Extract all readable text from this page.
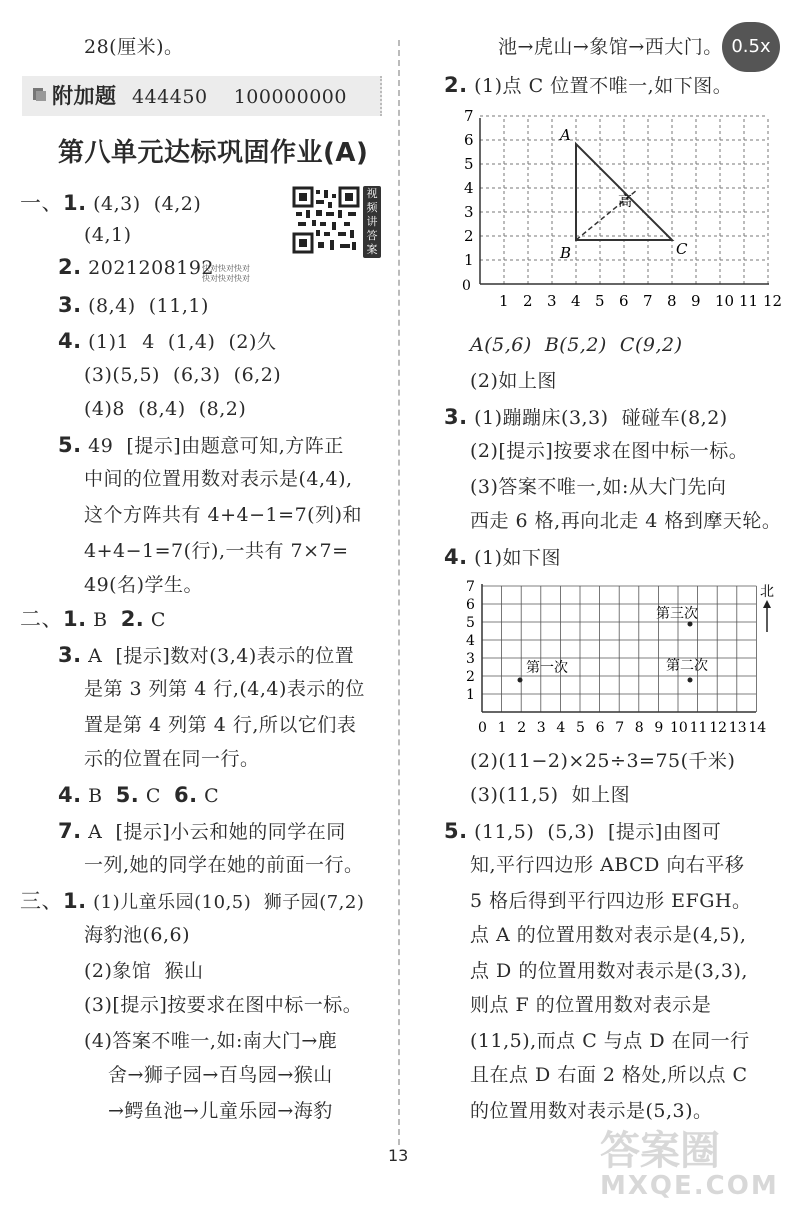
0.5x
28(厘米)。
附加题 444450    100000000
第八单元达标巩固作业(A)
视频讲答案
快对快对快对
快对快对快对
一、1. (4,3)  (4,2)
(4,1)
2. 2021208192
3. (8,4)  (11,1)
4. (1)1  4  (1,4)  (2)久
(3)(5,5)  (6,3)  (6,2)
(4)8  (8,4)  (8,2)
5. 49  [提示]由题意可知,方阵正
中间的位置用数对表示是(4,4),
这个方阵共有 4+4−1=7(列)和
4+4−1=7(行),一共有 7×7=
49(名)学生。
二、1. B  2. C
3. A  [提示]数对(3,4)表示的位置
是第 3 列第 4 行,(4,4)表示的位
置是第 4 列第 4 行,所以它们表
示的位置在同一行。
4. B  5. C  6. C
7. A  [提示]小云和她的同学在同
一列,她的同学在她的前面一行。
三、1. (1)儿童乐园(10,5)  狮子园(7,2)
海豹池(6,6)
(2)象馆  猴山
(3)[提示]按要求在图中标一标。
(4)答案不唯一,如:南大门→鹿
舍→狮子园→百鸟园→猴山
→鳄鱼池→儿童乐园→海豹
池→虎山→象馆→西大门。
2. (1)点 C 位置不唯一,如下图。
1 2 3 4 5 6 7 8 9 10 11 12
1
2
3
4
5
6
7
0
A
B	C
高
A(5,6)  B(5,2)  C(9,2)
(2)如上图
3. (1)蹦蹦床(3,3)  碰碰车(8,2)
(2)[提示]按要求在图中标一标。
(3)答案不唯一,如:从大门先向
西走 6 格,再向北走 4 格到摩天轮。
4. (1)如下图
0 1 2 3 4 5 6 7 8 9 10 11 12 13 14
1
2
3
4
5
6
7
第一次	第二次
第三次
北
(2)(11−2)×25÷3=75(千米)
(3)(11,5)  如上图
5. (11,5)  (5,3)  [提示]由图可
知,平行四边形 ABCD 向右平移
5 格后得到平行四边形 EFGH。
点 A 的位置用数对表示是(4,5),
点 D 的位置用数对表示是(3,3),
则点 F 的位置用数对表示是
(11,5),而点 C 与点 D 在同一行
且在点 D 右面 2 格处,所以点 C
的位置用数对表示是(5,3)。
13	答案圈
MXQE.COM
